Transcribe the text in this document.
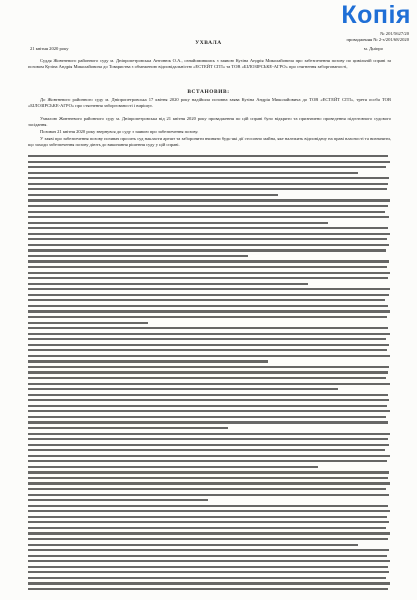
Копія
№ 201/5627/20
провадження № 2-з/201/68/2020
УХВАЛА
21 квітня 2020 року	м. Дніпро
Суддя Жовтневого районного суду м. Дніпропетровська Антонюк О.А., ознайомившись з заявою Кузіна Андрія Миколайовича про забезпечення позову по цивільній справі за позовом Кузіна Андрія Миколайовича до Товариства з обмеженою відповідальністю «ЕСТЕЙТ СІТІ» та ТОВ «БІЛОЗІРСЬКЕ-АГРО» про стягнення заборгованості,
ВСТАНОВИВ:
До Жовтневого районного суду м. Дніпропетровська 17 квітня 2020 року надійшла позовна заява Кузіна Андрія Миколайовича до ТОВ «ЕСТЕЙТ СІТІ», третя особа ТОВ «БІЛОЗІРСЬКЕ-АГРО» про стягнення заборгованості і вирішує.
Ухвалою Жовтневого районного суду м. Дніпропетровська від 21 квітня 2020 року провадження по цій справі було відкрито та призначено проведення підготовчого судового засідання.
Позивач 21 квітня 2020 року звернувся до суду з заявою про забезпечення позову.
У заяві про забезпечення позову позивач просить суд накласти арешт та заборонити вчиняти будь-які дії стосовно майна, яке належить відповідачу на праві власності та визначити, що заходи забезпечення позову діють до виконання рішення суду у цій справі.
